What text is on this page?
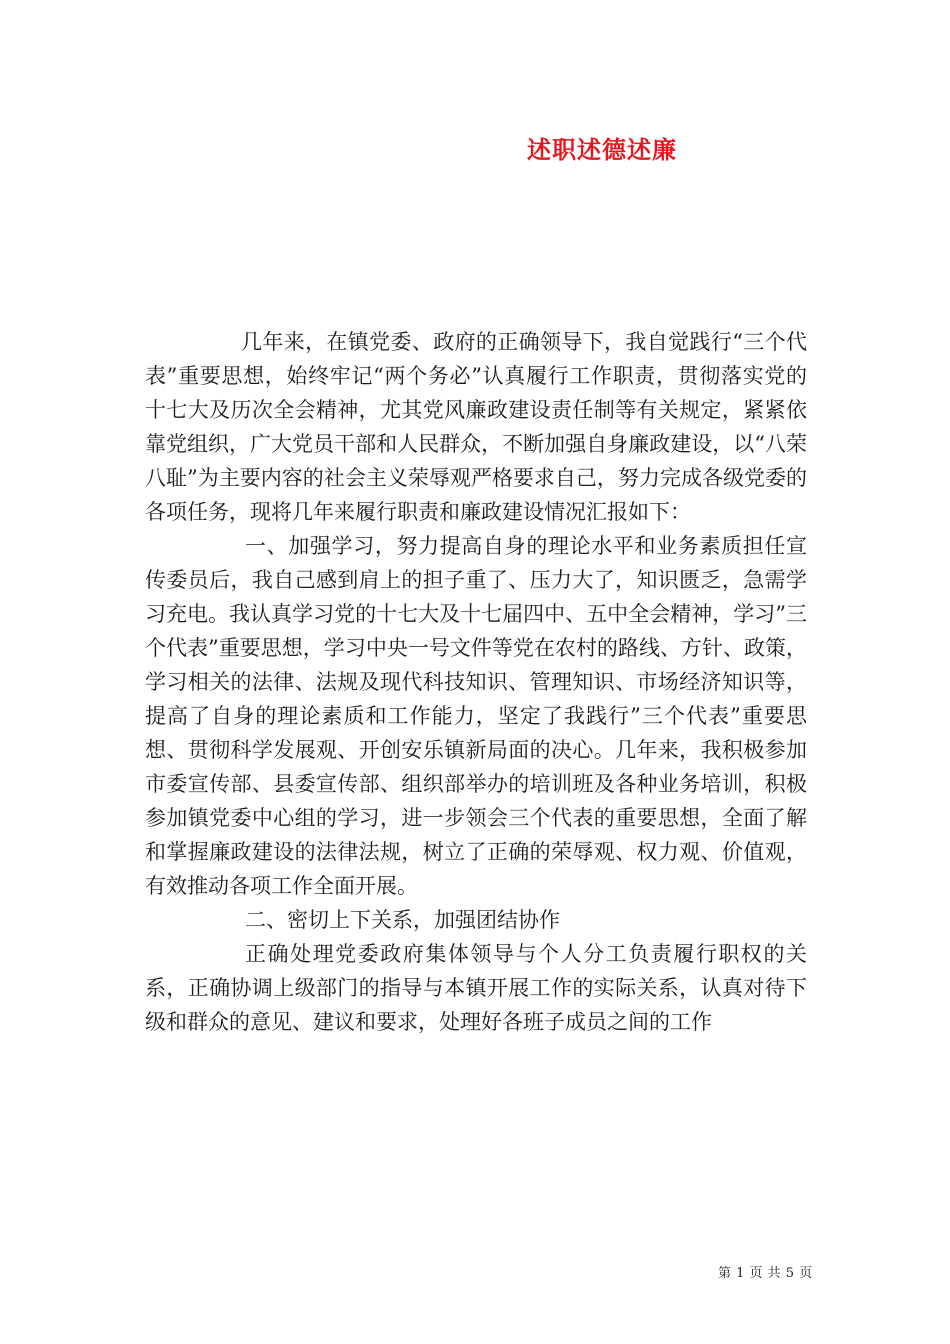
述职述德述廉

几年来，在镇党委、政府的正确领导下，我自觉践行“三个代表”重要思想，始终牢记“两个务必”认真履行工作职责，贯彻落实党的十七大及历次全会精神，尤其党风廉政建设责任制等有关规定，紧紧依靠党组织，广大党员干部和人民群众，不断加强自身廉政建设，以“八荣八耻”为主要内容的社会主义荣辱观严格要求自己，努力完成各级党委的各项任务，现将几年来履行职责和廉政建设情况汇报如下：

一、加强学习，努力提高自身的理论水平和业务素质担任宣传委员后，我自己感到肩上的担子重了、压力大了，知识匮乏，急需学习充电。我认真学习党的十七大及十七届四中、五中全会精神，学习”三个代表”重要思想，学习中央一号文件等党在农村的路线、方针、政策，学习相关的法律、法规及现代科技知识、管理知识、市场经济知识等，提高了自身的理论素质和工作能力，坚定了我践行”三个代表”重要思想、贯彻科学发展观、开创安乐镇新局面的决心。几年来，我积极参加市委宣传部、县委宣传部、组织部举办的培训班及各种业务培训，积极参加镇党委中心组的学习，进一步领会三个代表的重要思想，全面了解和掌握廉政建设的法律法规，树立了正确的荣辱观、权力观、价值观，有效推动各项工作全面开展。

二、密切上下关系，加强团结协作

正确处理党委政府集体领导与个人分工负责履行职权的关系，正确协调上级部门的指导与本镇开展工作的实际关系，认真对待下级和群众的意见、建议和要求，处理好各班子成员之间的工作

第 1 页 共 5 页
